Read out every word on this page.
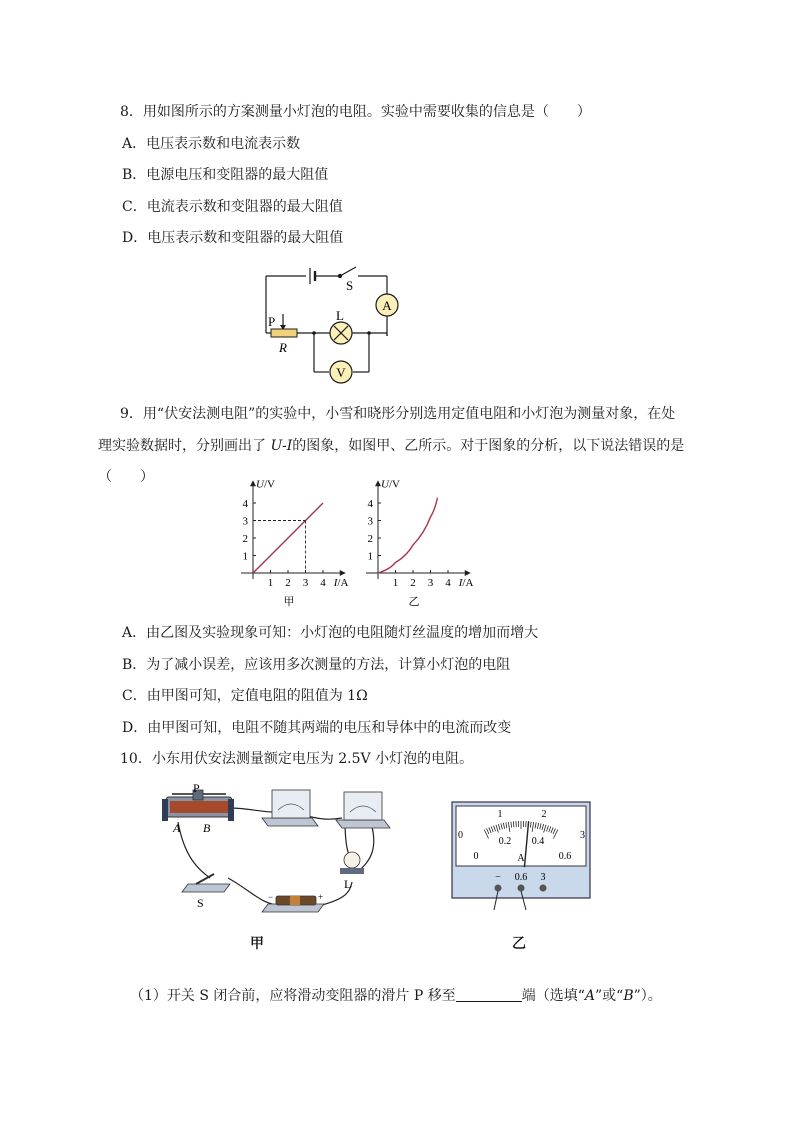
8．用如图所示的方案测量小灯泡的电阻。实验中需要收集的信息是（　　）
A．电压表示数和电流表示数
B．电源电压和变阻器的最大阻值
C．电流表示数和变阻器的最大阻值
D．电压表示数和变阻器的最大阻值
S
A
P
R
L
V
9．用“伏安法测电阻”的实验中，小雪和晓彤分别选用定值电阻和小灯泡为测量对象，在处
理实验数据时，分别画出了 U-I的图象，如图甲、乙所示。对于图象的分析，以下说法错误的是
（　　）
1 2 3 4
1
2
3
4
I/A
U/V
甲
1 2 3 4
1
2
3
4
I/A
U/V
乙
A．由乙图及实验现象可知：小灯泡的电阻随灯丝温度的增加而增大
B．为了减小误差，应该用多次测量的方法，计算小灯泡的电阻
C．由甲图可知，定值电阻的阻值为 1Ω
D．由甲图可知，电阻不随其两端的电压和导体中的电流而改变
10．小东用伏安法测量额定电压为 2.5V 小灯泡的电阻。
P
A B
S
L
−	+
1	2
0	3
0.2 0.4
0	0.6
A
− 0.6 3
甲	乙
（1）开关 S 闭合前，应将滑动变阻器的滑片 P 移至	端（选填“A”或“B”）。
